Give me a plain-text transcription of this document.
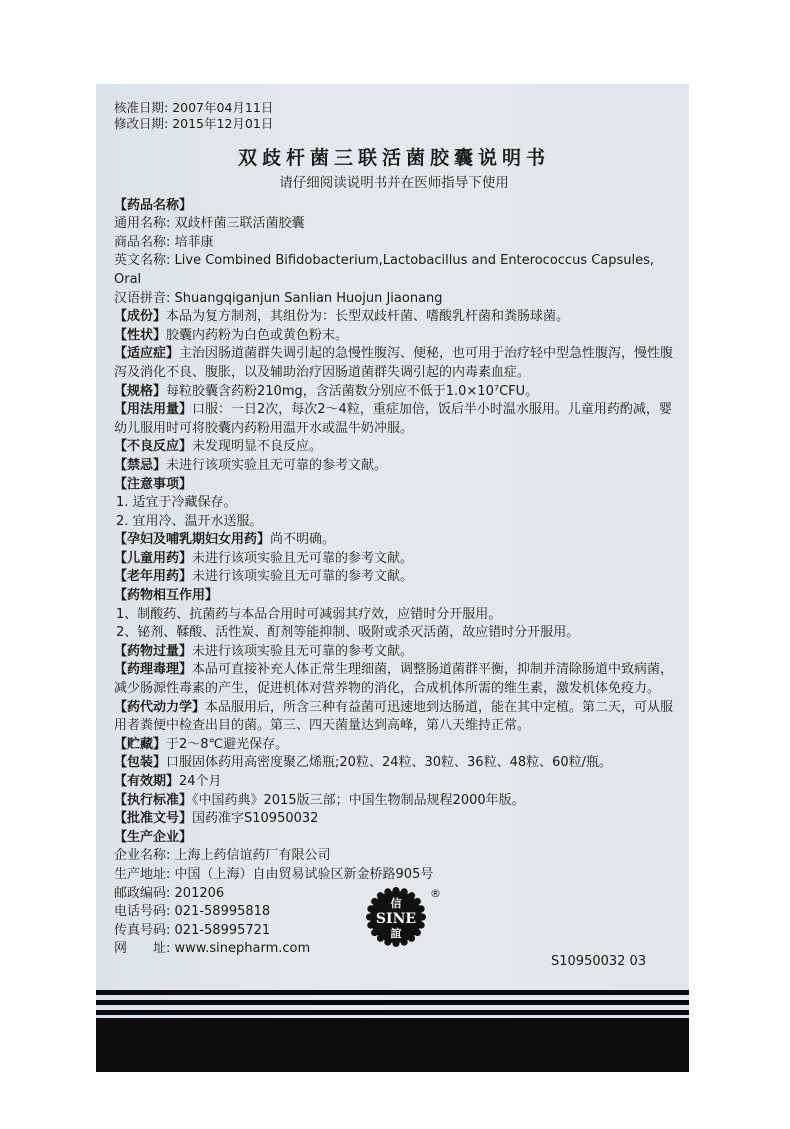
核准日期: 2007年04月11日
修改日期: 2015年12月01日
双歧杆菌三联活菌胶囊说明书
请仔细阅读说明书并在医师指导下使用
【药品名称】
通用名称: 双歧杆菌三联活菌胶囊
商品名称: 培菲康
英文名称: Live Combined Bifidobacterium,Lactobacillus and Enterococcus Capsules, Oral
汉语拼音: Shuangqiganjun Sanlian Huojun Jiaonang
【成份】本品为复方制剂，其组份为：长型双歧杆菌、嗜酸乳杆菌和粪肠球菌。
【性状】胶囊内药粉为白色或黄色粉末。
【适应症】主治因肠道菌群失调引起的急慢性腹泻、便秘，也可用于治疗轻中型急性腹泻，慢性腹泻及消化不良、腹胀，以及辅助治疗因肠道菌群失调引起的内毒素血症。
【规格】每粒胶囊含药粉210mg，含活菌数分别应不低于1.0×10⁷CFU。
【用法用量】口服：一日2次，每次2～4粒，重症加倍，饭后半小时温水服用。儿童用药酌减，婴幼儿服用时可将胶囊内药粉用温开水或温牛奶冲服。
【不良反应】未发现明显不良反应。
【禁忌】未进行该项实验且无可靠的参考文献。
【注意事项】
1. 适宜于冷藏保存。
2. 宜用冷、温开水送服。
【孕妇及哺乳期妇女用药】尚不明确。
【儿童用药】未进行该项实验且无可靠的参考文献。
【老年用药】未进行该项实验且无可靠的参考文献。
【药物相互作用】
1、制酸药、抗菌药与本品合用时可减弱其疗效，应错时分开服用。
2、铋剂、鞣酸、活性炭、酊剂等能抑制、吸附或杀灭活菌，故应错时分开服用。
【药物过量】未进行该项实验且无可靠的参考文献。
【药理毒理】本品可直接补充人体正常生理细菌，调整肠道菌群平衡，抑制并清除肠道中致病菌，减少肠源性毒素的产生，促进机体对营养物的消化，合成机体所需的维生素，激发机体免疫力。
【药代动力学】本品服用后，所含三种有益菌可迅速地到达肠道，能在其中定植。第二天，可从服用者粪便中检查出目的菌。第三、四天菌量达到高峰，第八天维持正常。
【贮藏】于2～8℃避光保存。
【包装】口服固体药用高密度聚乙烯瓶;20粒、24粒、30粒、36粒、48粒、60粒/瓶。
【有效期】24个月
【执行标准】《中国药典》2015版三部；中国生物制品规程2000年版。
【批准文号】国药准字S10950032
【生产企业】
企业名称: 上海上药信谊药厂有限公司
生产地址: 中国（上海）自由贸易试验区新金桥路905号
邮政编码: 201206
电话号码: 021-58995818
传真号码: 021-58995721
网　　址: www.sinepharm.com
信
SINE
誼
®
S10950032 03
